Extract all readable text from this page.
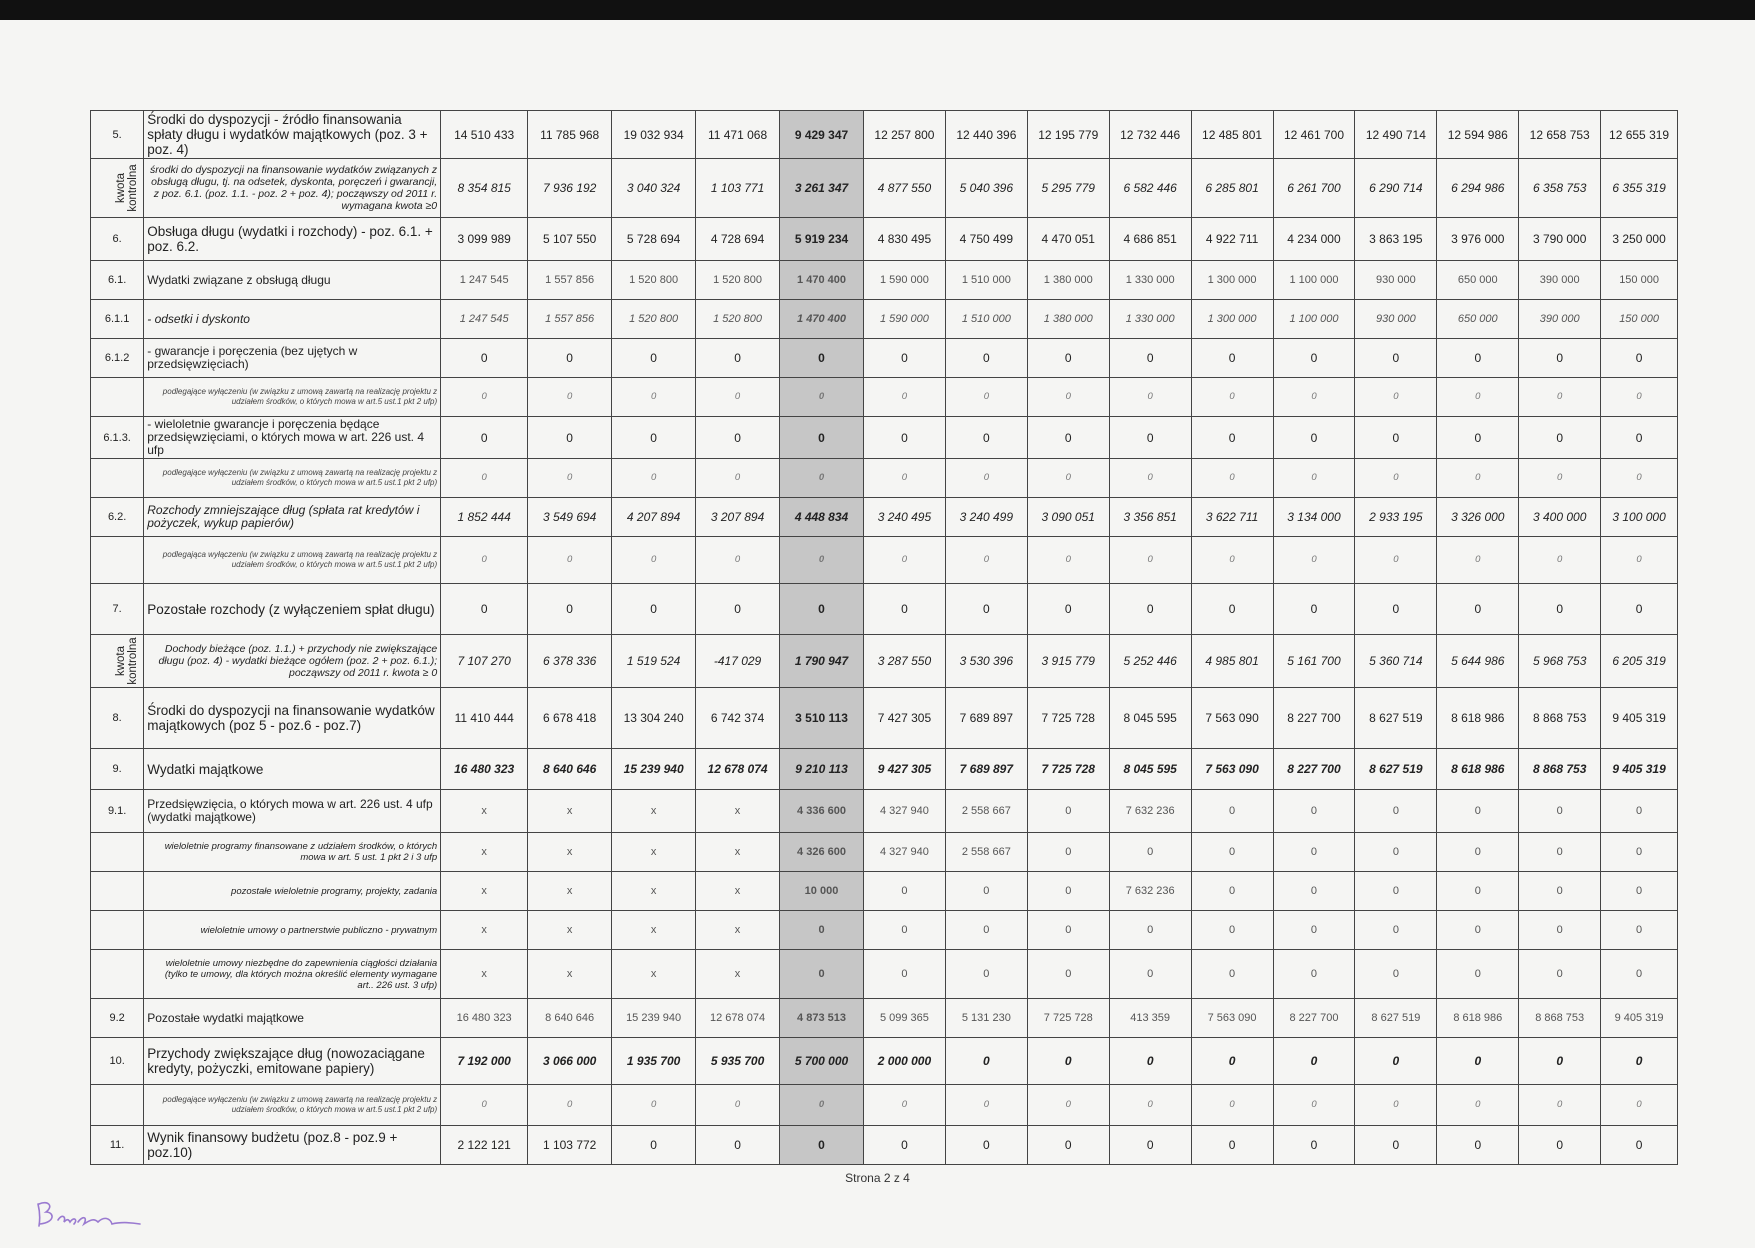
5.	Środki do dyspozycji - źródło finansowania spłaty długu i wydatków majątkowych (poz. 3 + poz. 4)	14 510 433	11 785 968	19 032 934	11 471 068	9 429 347	12 257 800	12 440 396	12 195 779	12 732 446	12 485 801	12 461 700	12 490 714	12 594 986	12 658 753	12 655 319
kwota kontrolna	środki do dyspozycji na finansowanie wydatków związanych z obsługą długu, tj. na odsetek, dyskonta, poręczeń i gwarancji, z poz. 6.1. (poz. 1.1. - poz. 2 + poz. 4); począwszy od 2011 r. wymagana kwota ≥0	8 354 815	7 936 192	3 040 324	1 103 771	3 261 347	4 877 550	5 040 396	5 295 779	6 582 446	6 285 801	6 261 700	6 290 714	6 294 986	6 358 753	6 355 319
6.	Obsługa długu (wydatki i rozchody) - poz. 6.1. + poz. 6.2.	3 099 989	5 107 550	5 728 694	4 728 694	5 919 234	4 830 495	4 750 499	4 470 051	4 686 851	4 922 711	4 234 000	3 863 195	3 976 000	3 790 000	3 250 000
6.1.	Wydatki związane z obsługą długu	1 247 545	1 557 856	1 520 800	1 520 800	1 470 400	1 590 000	1 510 000	1 380 000	1 330 000	1 300 000	1 100 000	930 000	650 000	390 000	150 000
6.1.1	- odsetki i dyskonto	1 247 545	1 557 856	1 520 800	1 520 800	1 470 400	1 590 000	1 510 000	1 380 000	1 330 000	1 300 000	1 100 000	930 000	650 000	390 000	150 000
6.1.2	- gwarancje i poręczenia (bez ujętych w przedsięwzięciach)	0	0	0	0	0	0	0	0	0	0	0	0	0	0	0
	podlegające wyłączeniu (w związku z umową zawartą na realizację projektu z udziałem środków, o których mowa w art.5 ust.1 pkt 2 ufp)	0	0	0	0	0	0	0	0	0	0	0	0	0	0	0
6.1.3.	- wieloletnie gwarancje i poręczenia będące przedsięwzięciami, o których mowa w art. 226 ust. 4 ufp	0	0	0	0	0	0	0	0	0	0	0	0	0	0	0
	podlegające wyłączeniu (w związku z umową zawartą na realizację projektu z udziałem środków, o których mowa w art.5 ust.1 pkt 2 ufp)	0	0	0	0	0	0	0	0	0	0	0	0	0	0	0
6.2.	Rozchody zmniejszające dług (spłata rat kredytów i pożyczek, wykup papierów)	1 852 444	3 549 694	4 207 894	3 207 894	4 448 834	3 240 495	3 240 499	3 090 051	3 356 851	3 622 711	3 134 000	2 933 195	3 326 000	3 400 000	3 100 000
	podlegająca wyłączeniu (w związku z umową zawartą na realizację projektu z udziałem środków, o których mowa w art.5 ust.1 pkt 2 ufp)	0	0	0	0	0	0	0	0	0	0	0	0	0	0	0
7.	Pozostałe rozchody (z wyłączeniem spłat długu)	0	0	0	0	0	0	0	0	0	0	0	0	0	0	0
kwota kontrolna	Dochody bieżące (poz. 1.1.) + przychody nie zwiększające długu (poz. 4) - wydatki bieżące ogółem (poz. 2 + poz. 6.1.); począwszy od 2011 r. kwota ≥ 0	7 107 270	6 378 336	1 519 524	-417 029	1 790 947	3 287 550	3 530 396	3 915 779	5 252 446	4 985 801	5 161 700	5 360 714	5 644 986	5 968 753	6 205 319
8.	Środki do dyspozycji na finansowanie wydatków majątkowych (poz 5 - poz.6 - poz.7)	11 410 444	6 678 418	13 304 240	6 742 374	3 510 113	7 427 305	7 689 897	7 725 728	8 045 595	7 563 090	8 227 700	8 627 519	8 618 986	8 868 753	9 405 319
9.	Wydatki majątkowe	16 480 323	8 640 646	15 239 940	12 678 074	9 210 113	9 427 305	7 689 897	7 725 728	8 045 595	7 563 090	8 227 700	8 627 519	8 618 986	8 868 753	9 405 319
9.1.	Przedsięwzięcia, o których mowa w art. 226 ust. 4 ufp (wydatki majątkowe)	x	x	x	x	4 336 600	4 327 940	2 558 667	0	7 632 236	0	0	0	0	0	0
	wieloletnie programy finansowane z udziałem środków, o których mowa w art. 5 ust. 1 pkt 2 i 3 ufp	x	x	x	x	4 326 600	4 327 940	2 558 667	0	0	0	0	0	0	0	0
	pozostałe wieloletnie programy, projekty, zadania	x	x	x	x	10 000	0	0	0	7 632 236	0	0	0	0	0	0
	wieloletnie umowy o partnerstwie publiczno - prywatnym	x	x	x	x	0	0	0	0	0	0	0	0	0	0	0
	wieloletnie umowy niezbędne do zapewnienia ciągłości działania (tylko te umowy, dla których można określić elementy wymagane art.. 226 ust. 3 ufp)	x	x	x	x	0	0	0	0	0	0	0	0	0	0	0
9.2	Pozostałe wydatki majątkowe	16 480 323	8 640 646	15 239 940	12 678 074	4 873 513	5 099 365	5 131 230	7 725 728	413 359	7 563 090	8 227 700	8 627 519	8 618 986	8 868 753	9 405 319
10.	Przychody zwiększające dług (nowozaciągane kredyty, pożyczki, emitowane papiery)	7 192 000	3 066 000	1 935 700	5 935 700	5 700 000	2 000 000	0	0	0	0	0	0	0	0	0
	podlegające wyłączeniu (w związku z umową zawartą na realizację projektu z udziałem środków, o których mowa w art.5 ust.1 pkt 2 ufp)	0	0	0	0	0	0	0	0	0	0	0	0	0	0	0
11.	Wynik finansowy budżetu (poz.8 - poz.9 + poz.10)	2 122 121	1 103 772	0	0	0	0	0	0	0	0	0	0	0	0	0
Strona 2 z 4
